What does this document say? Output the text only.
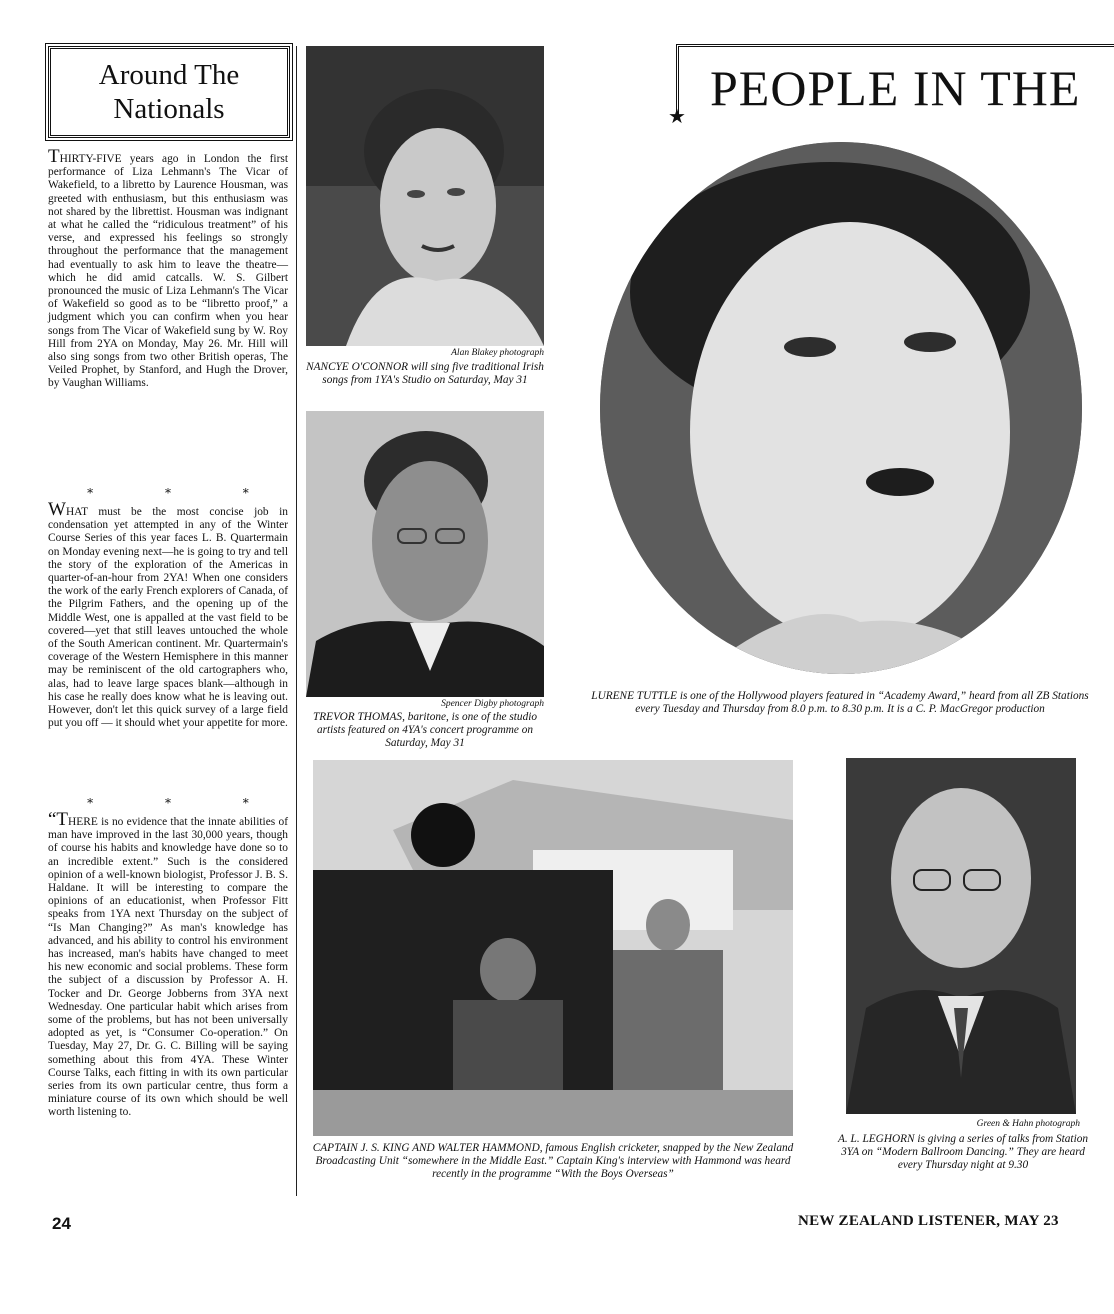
Around The
Nationals

THIRTY-FIVE years ago in London the first performance of Liza Lehmann's The Vicar of Wakefield, to a libretto by Laurence Housman, was greeted with enthusiasm, but this enthusiasm was not shared by the librettist. Housman was indignant at what he called the “ridiculous treatment” of his verse, and expressed his feelings so strongly throughout the performance that the management had eventually to ask him to leave the theatre—which he did amid catcalls. W. S. Gilbert pronounced the music of Liza Lehmann's The Vicar of Wakefield so good as to be “libretto proof,” a judgment which you can confirm when you hear songs from The Vicar of Wakefield sung by W. Roy Hill from 2YA on Monday, May 26. Mr. Hill will also sing songs from two other British operas, The Veiled Prophet, by Stanford, and Hugh the Drover, by Vaughan Williams.

* * *

WHAT must be the most concise job in condensation yet attempted in any of the Winter Course Series of this year faces L. B. Quartermain on Monday evening next—he is going to try and tell the story of the exploration of the Americas in quarter-of-an-hour from 2YA! When one considers the work of the early French explorers of Canada, of the Pilgrim Fathers, and the opening up of the Middle West, one is appalled at the vast field to be covered—yet that still leaves untouched the whole of the South American continent. Mr. Quartermain's coverage of the Western Hemisphere in this manner may be reminiscent of the old cartographers who, alas, had to leave large spaces blank—although in his case he really does know what he is leaving out. However, don't let this quick survey of a large field put you off — it should whet your appetite for more.

* * *

“THERE is no evidence that the innate abilities of man have improved in the last 30,000 years, though of course his habits and knowledge have done so to an incredible extent.” Such is the considered opinion of a well-known biologist, Professor J. B. S. Haldane. It will be interesting to compare the opinions of an educationist, when Professor Fitt speaks from 1YA next Thursday on the subject of “Is Man Changing?” As man's knowledge has advanced, and his ability to control his environment has increased, man's habits have changed to meet his new economic and social problems. These form the subject of a discussion by Professor A. H. Tocker and Dr. George Jobberns from 3YA next Wednesday. One particular habit which arises from some of the problems, but has not been universally adopted as yet, is “Consumer Co-operation.” On Tuesday, May 27, Dr. G. C. Billing will be saying something about this from 4YA. These Winter Course Talks, each fitting in with its own particular series from its own particular centre, thus form a miniature course of its own which should be well worth listening to.

Alan Blakey photograph

NANCYE O'CONNOR will sing five traditional Irish songs from 1YA's Studio on Saturday, May 31

Spencer Digby photograph

TREVOR THOMAS, baritone, is one of the studio artists featured on 4YA's concert programme on Saturday, May 31

PEOPLE IN THE
★

LURENE TUTTLE is one of the Hollywood players featured in “Academy Award,” heard from all ZB Stations every Tuesday and Thursday from 8.0 p.m. to 8.30 p.m. It is a C. P. MacGregor production

CAPTAIN J. S. KING AND WALTER HAMMOND, famous English cricketer, snapped by the New Zealand Broadcasting Unit “somewhere in the Middle East.” Captain King's interview with Hammond was heard recently in the programme “With the Boys Overseas”

Green & Hahn photograph

A. L. LEGHORN is giving a series of talks from Station 3YA on “Modern Ballroom Dancing.” They are heard every Thursday night at 9.30

24	NEW ZEALAND LISTENER, MAY 23
